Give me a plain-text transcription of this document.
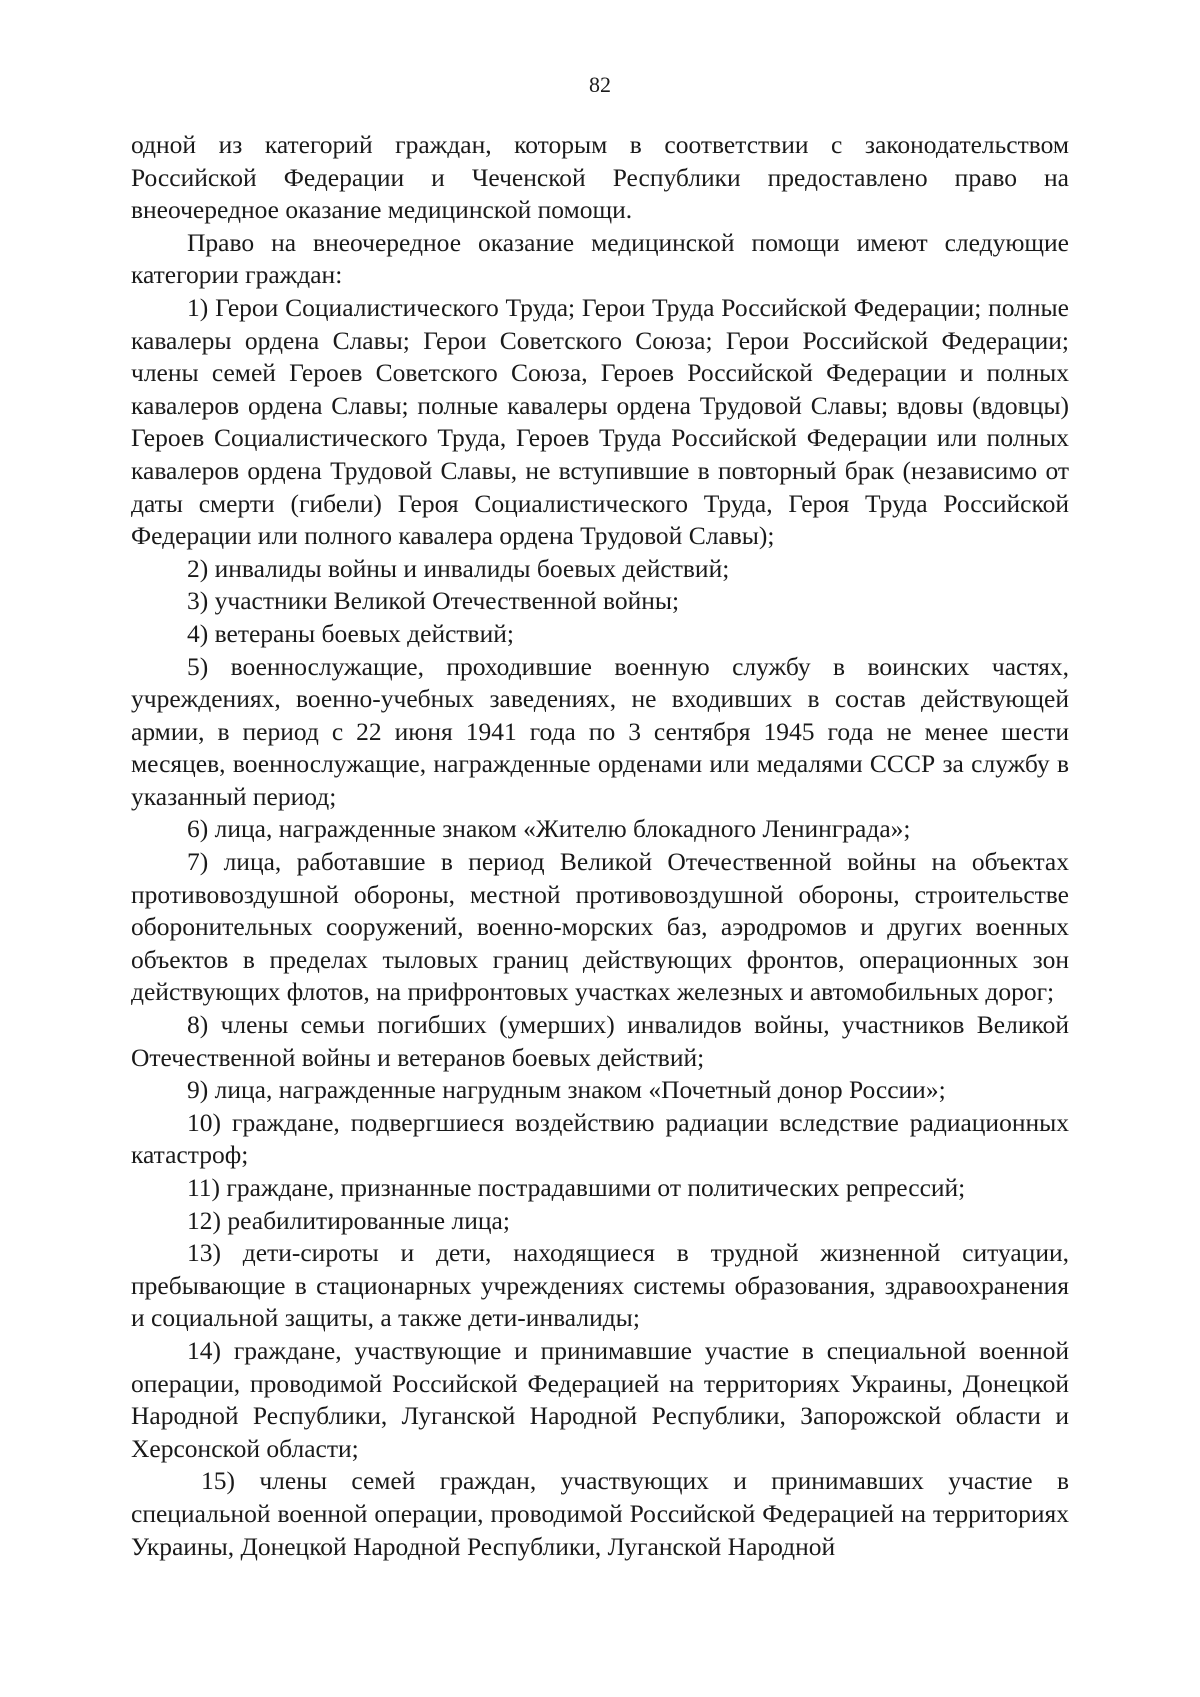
82

одной из категорий граждан, которым в соответствии с законодательством Российской Федерации и Чеченской Республики предоставлено право на внеочередное оказание медицинской помощи.

Право на внеочередное оказание медицинской помощи имеют следующие категории граждан:

1) Герои Социалистического Труда; Герои Труда Российской Федерации; полные кавалеры ордена Славы; Герои Советского Союза; Герои Российской Федерации; члены семей Героев Советского Союза, Героев Российской Федерации и полных кавалеров ордена Славы; полные кавалеры ордена Трудовой Славы; вдовы (вдовцы) Героев Социалистического Труда, Героев Труда Российской Федерации или полных кавалеров ордена Трудовой Славы, не вступившие в повторный брак (независимо от даты смерти (гибели) Героя Социалистического Труда, Героя Труда Российской Федерации или полного кавалера ордена Трудовой Славы);

2) инвалиды войны и инвалиды боевых действий;

3) участники Великой Отечественной войны;

4) ветераны боевых действий;

5) военнослужащие, проходившие военную службу в воинских частях, учреждениях, военно-учебных заведениях, не входивших в состав действующей армии, в период с 22 июня 1941 года по 3 сентября 1945 года не менее шести месяцев, военнослужащие, награжденные орденами или медалями СССР за службу в указанный период;

6) лица, награжденные знаком «Жителю блокадного Ленинграда»;

7) лица, работавшие в период Великой Отечественной войны на объектах противовоздушной обороны, местной противовоздушной обороны, строительстве оборонительных сооружений, военно-морских баз, аэродромов и других военных объектов в пределах тыловых границ действующих фронтов, операционных зон действующих флотов, на прифронтовых участках железных и автомобильных дорог;

8) члены семьи погибших (умерших) инвалидов войны, участников Великой Отечественной войны и ветеранов боевых действий;

9) лица, награжденные нагрудным знаком «Почетный донор России»;

10) граждане, подвергшиеся воздействию радиации вследствие радиационных катастроф;

11) граждане, признанные пострадавшими от политических репрессий;

12) реабилитированные лица;

13) дети-сироты и дети, находящиеся в трудной жизненной ситуации, пребывающие в стационарных учреждениях системы образования, здравоохранения и социальной защиты, а также дети-инвалиды;

14) граждане, участвующие и принимавшие участие в специальной военной операции, проводимой Российской Федерацией на территориях Украины, Донецкой Народной Республики, Луганской Народной Республики, Запорожской области и Херсонской области;

15) члены семей граждан, участвующих и принимавших участие в специальной военной операции, проводимой Российской Федерацией на территориях Украины, Донецкой Народной Республики, Луганской Народной
